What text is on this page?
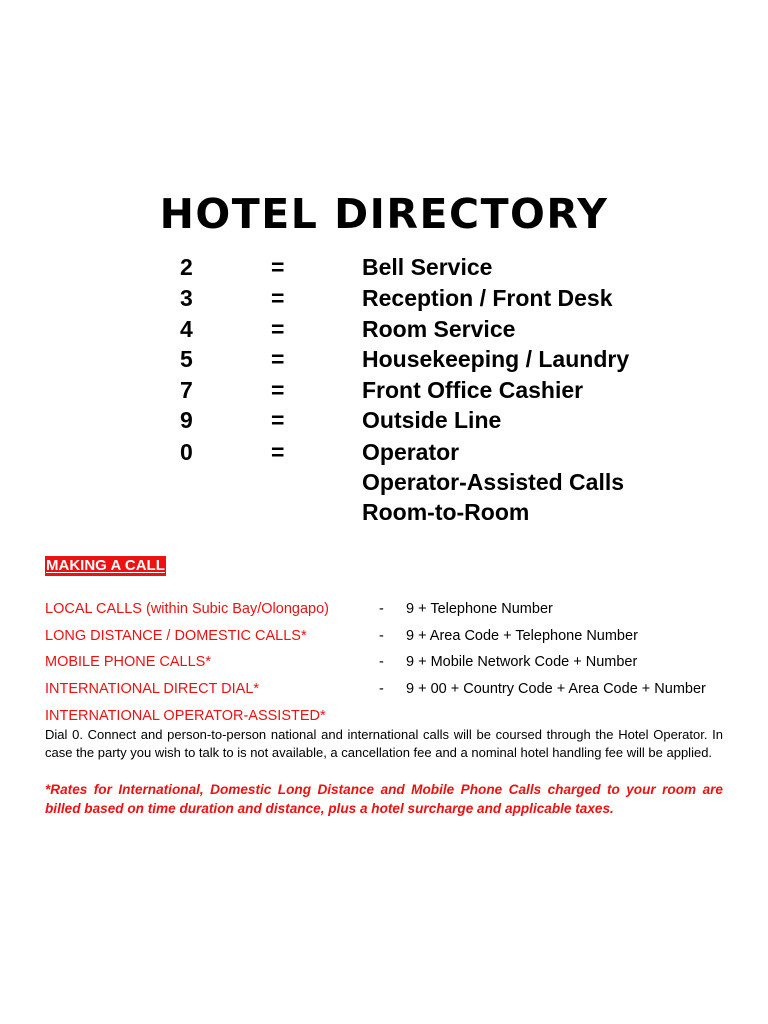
HOTEL DIRECTORY
2	=	Bell Service
3	=	Reception / Front Desk
4	=	Room Service
5	=	Housekeeping / Laundry
7	=	Front Office Cashier
9	=	Outside Line
0	=	Operator
Operator-Assisted Calls
Room-to-Room
MAKING A CALL
LOCAL CALLS (within Subic Bay/Olongapo)	- 9 + Telephone Number
LONG DISTANCE / DOMESTIC CALLS*	- 9 + Area Code + Telephone Number
MOBILE PHONE CALLS*	- 9 + Mobile Network Code + Number
INTERNATIONAL DIRECT DIAL*	- 9 + 00 + Country Code + Area Code + Number
INTERNATIONAL OPERATOR-ASSISTED*
Dial 0. Connect and person-to-person national and international calls will be coursed through the Hotel Operator. In case the party you wish to talk to is not available, a cancellation fee and a nominal hotel handling fee will be applied.
*Rates for International, Domestic Long Distance and Mobile Phone Calls charged to your room are billed based on time duration and distance, plus a hotel surcharge and applicable taxes.
